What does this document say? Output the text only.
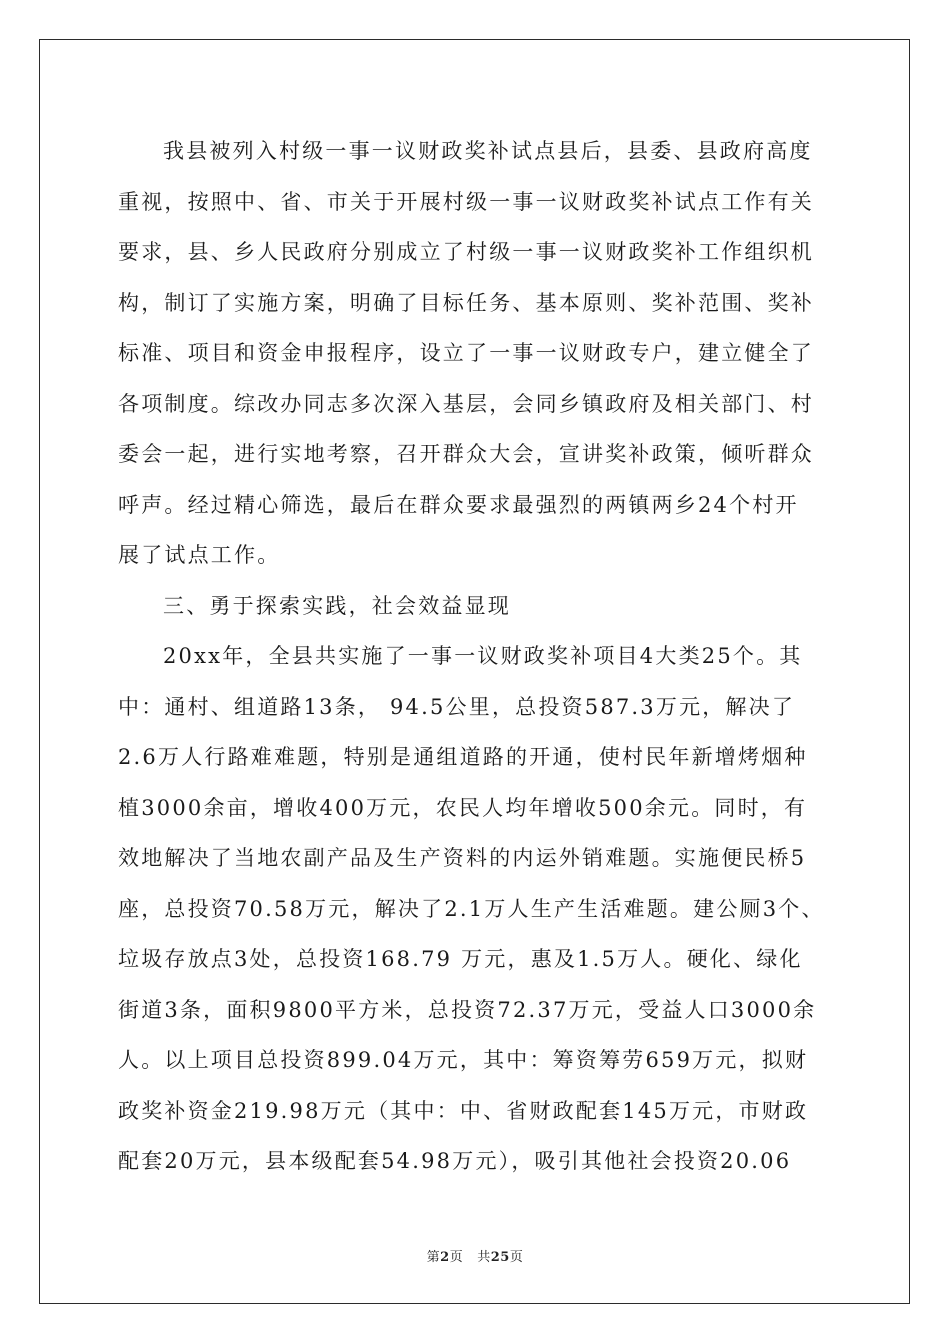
我县被列入村级一事一议财政奖补试点县后，县委、县政府高度
重视，按照中、省、市关于开展村级一事一议财政奖补试点工作有关
要求，县、乡人民政府分别成立了村级一事一议财政奖补工作组织机
构，制订了实施方案，明确了目标任务、基本原则、奖补范围、奖补
标准、项目和资金申报程序，设立了一事一议财政专户，建立健全了
各项制度。综改办同志多次深入基层，会同乡镇政府及相关部门、村
委会一起，进行实地考察，召开群众大会，宣讲奖补政策，倾听群众
呼声。经过精心筛选，最后在群众要求最强烈的两镇两乡24个村开
展了试点工作。
三、勇于探索实践，社会效益显现
20xx年，全县共实施了一事一议财政奖补项目4大类25个。其
中：通村、组道路13条， 94.5公里，总投资587.3万元，解决了
2.6万人行路难难题，特别是通组道路的开通，使村民年新增烤烟种
植3000余亩，增收400万元，农民人均年增收500余元。同时，有
效地解决了当地农副产品及生产资料的内运外销难题。实施便民桥5
座，总投资70.58万元，解决了2.1万人生产生活难题。建公厕3个、
垃圾存放点3处，总投资168.79 万元，惠及1.5万人。硬化、绿化
街道3条，面积9800平方米，总投资72.37万元，受益人口3000余
人。以上项目总投资899.04万元，其中：筹资筹劳659万元，拟财
政奖补资金219.98万元（其中：中、省财政配套145万元，市财政
配套20万元，县本级配套54.98万元），吸引其他社会投资20.06
第2页 共25页
